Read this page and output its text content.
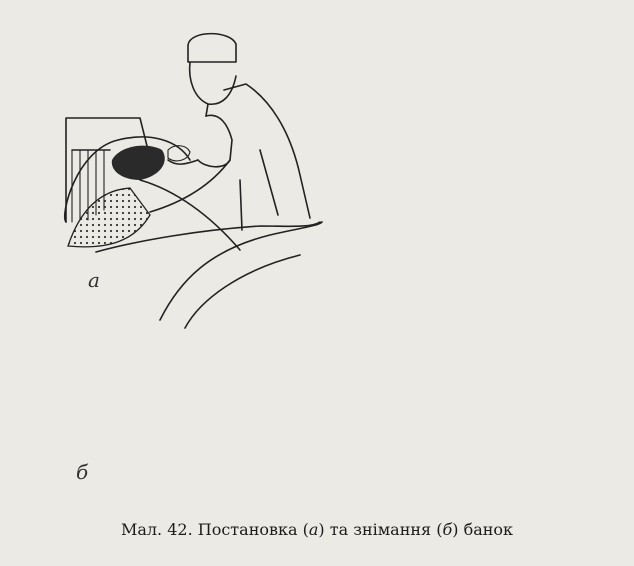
а
б
Мал. 42. Постановка (а) та знімання (б) банок
